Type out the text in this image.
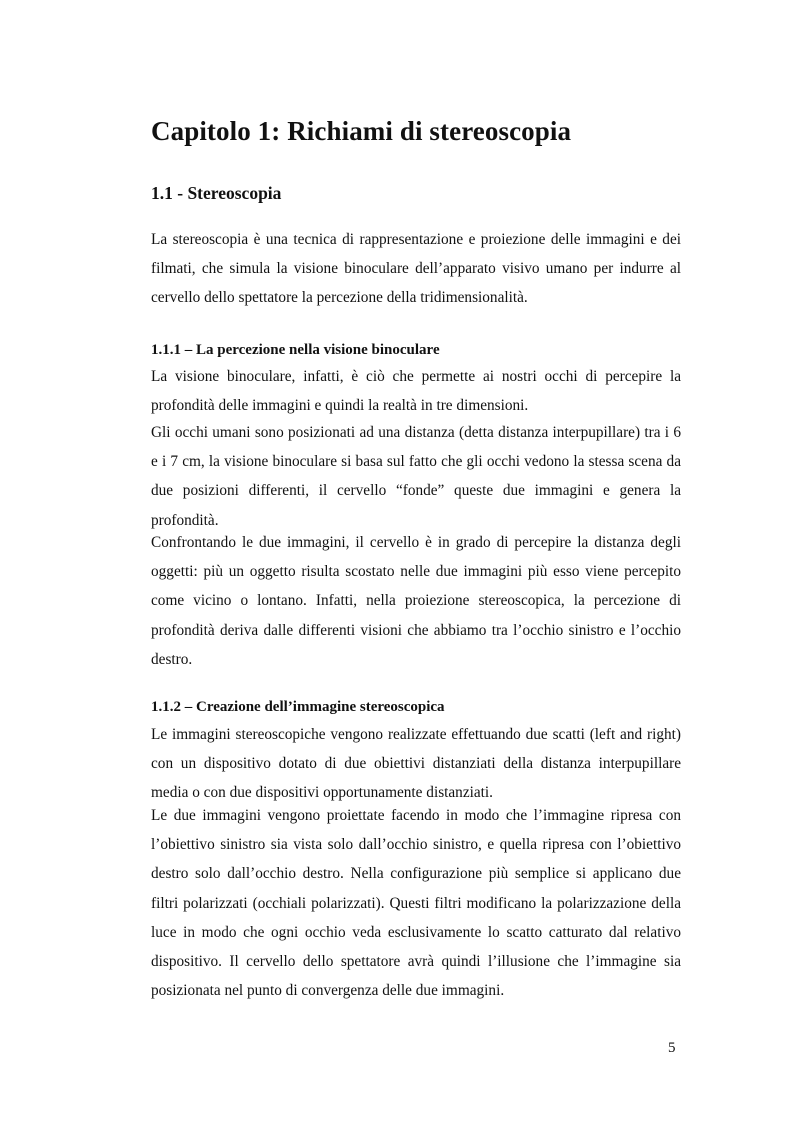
Capitolo 1: Richiami di stereoscopia
1.1 - Stereoscopia

La stereoscopia è una tecnica di rappresentazione e proiezione delle immagini e dei filmati, che simula la visione binoculare dell’apparato visivo umano per indurre al cervello dello spettatore la percezione della tridimensionalità.

1.1.1 – La percezione nella visione binoculare

La visione binoculare, infatti, è ciò che permette ai nostri occhi di percepire la profondità delle immagini e quindi la realtà in tre dimensioni.

Gli occhi umani sono posizionati ad una distanza (detta distanza interpupillare) tra i 6 e i 7 cm, la visione binoculare si basa sul fatto che gli occhi vedono la stessa scena da due posizioni differenti, il cervello “fonde” queste due immagini e genera la profondità.

Confrontando le due immagini, il cervello è in grado di percepire la distanza degli oggetti: più un oggetto risulta scostato nelle due immagini più esso viene percepito come vicino o lontano. Infatti, nella proiezione stereoscopica, la percezione di profondità deriva dalle differenti visioni che abbiamo tra l’occhio sinistro e l’occhio destro.

1.1.2 – Creazione dell’immagine stereoscopica

Le immagini stereoscopiche vengono realizzate effettuando due scatti (left and right) con un dispositivo dotato di due obiettivi distanziati della distanza interpupillare media o con due dispositivi opportunamente distanziati.

Le due immagini vengono proiettate facendo in modo che l’immagine ripresa con l’obiettivo sinistro sia vista solo dall’occhio sinistro, e quella ripresa con l’obiettivo destro solo dall’occhio destro. Nella configurazione più semplice si applicano due filtri polarizzati (occhiali polarizzati). Questi filtri modificano la polarizzazione della luce in modo che ogni occhio veda esclusivamente lo scatto catturato dal relativo dispositivo. Il cervello dello spettatore avrà quindi l’illusione che l’immagine sia posizionata nel punto di convergenza delle due immagini.

5
